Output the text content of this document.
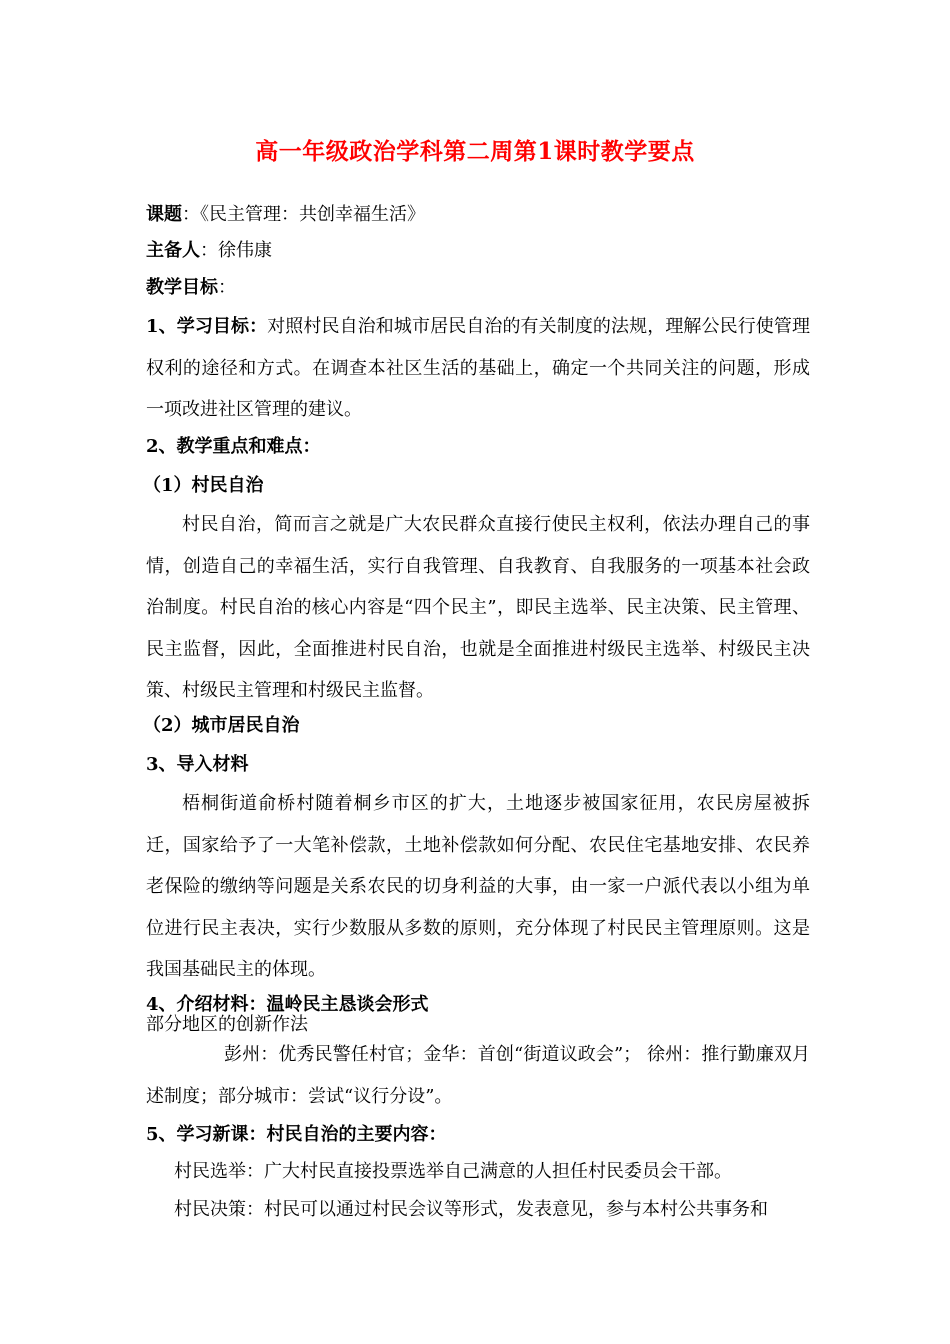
高一年级政治学科第二周第1课时教学要点
课题：《民主管理：共创幸福生活》
主备人：徐伟康
教学目标：
1、学习目标：对照村民自治和城市居民自治的有关制度的法规，理解公民行使管理权利的途径和方式。在调查本社区生活的基础上，确定一个共同关注的问题，形成一项改进社区管理的建议。
2、教学重点和难点：
（1）村民自治
村民自治，简而言之就是广大农民群众直接行使民主权利，依法办理自己的事情，创造自己的幸福生活，实行自我管理、自我教育、自我服务的一项基本社会政治制度。村民自治的核心内容是“四个民主”，即民主选举、民主决策、民主管理、民主监督，因此，全面推进村民自治，也就是全面推进村级民主选举、村级民主决策、村级民主管理和村级民主监督。
（2）城市居民自治
3、导入材料
梧桐街道俞桥村随着桐乡市区的扩大，土地逐步被国家征用，农民房屋被拆迁，国家给予了一大笔补偿款，土地补偿款如何分配、农民住宅基地安排、农民养老保险的缴纳等问题是关系农民的切身利益的大事，由一家一户派代表以小组为单位进行民主表决，实行少数服从多数的原则，充分体现了村民民主管理原则。这是我国基础民主的体现。
4、介绍材料：温岭民主恳谈会形式
部分地区的创新作法
彭州：优秀民警任村官；金华：首创“街道议政会”； 徐州：推行勤廉双月述制度；部分城市：尝试“议行分设”。
5、学习新课：村民自治的主要内容：
村民选举：广大村民直接投票选举自己满意的人担任村民委员会干部。
村民决策：村民可以通过村民会议等形式，发表意见，参与本村公共事务和
